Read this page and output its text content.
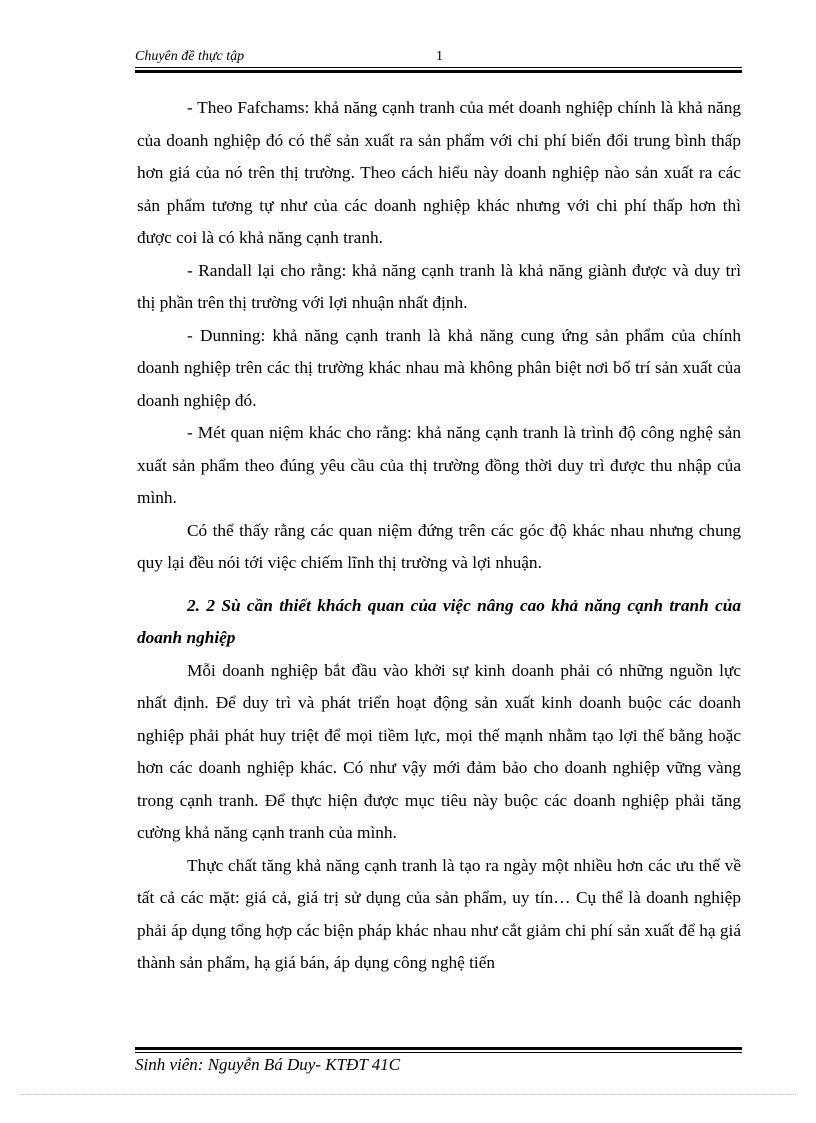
Chuyên đề thực tập	1

- Theo Fafchams: khả năng cạnh tranh của mét doanh nghiệp chính là khả năng của doanh nghiệp đó có thể sản xuất ra sản phẩm với chi phí biến đổi trung bình thấp hơn giá của nó trên thị trường. Theo cách hiểu này doanh nghiệp nào sản xuất ra các sản phẩm tương tự như của các doanh nghiệp khác nhưng với chi phí thấp hơn thì được coi là có khả năng cạnh tranh.

- Randall lại cho rằng: khả năng cạnh tranh là khả năng giành được và duy trì thị phần trên thị trường với lợi nhuận nhất định.

- Dunning: khả năng cạnh tranh là khả năng cung ứng sản phẩm của chính doanh nghiệp trên các thị trường khác nhau mà không phân biệt nơi bố trí sản xuất của doanh nghiệp đó.

- Mét quan niệm khác cho rằng: khả năng cạnh tranh là trình độ công nghệ sản xuất sản phẩm theo đúng yêu cầu của thị trường đồng thời duy trì được thu nhập của mình.

Có thể thấy rằng các quan niệm đứng trên các góc độ khác nhau nhưng chung quy lại đều nói tới việc chiếm lĩnh thị trường và lợi nhuận.

2. 2 Sù cần thiết khách quan của việc nâng cao khả năng cạnh tranh của doanh nghiệp

Mỗi doanh nghiệp bắt đầu vào khởi sự kinh doanh phải có những nguồn lực nhất định. Để duy trì và phát triển hoạt động sản xuất kinh doanh buộc các doanh nghiệp phải phát huy triệt để mọi tiềm lực, mọi thế mạnh nhằm tạo lợi thế bằng hoặc hơn các doanh nghiệp khác. Có như vậy mới đảm bảo cho doanh nghiệp vững vàng trong cạnh tranh. Để thực hiện được mục tiêu này buộc các doanh nghiệp phải tăng cường khả năng cạnh tranh của mình.

Thực chất tăng khả năng cạnh tranh là tạo ra ngày một nhiều hơn các ưu thế về tất cả các mặt: giá cả, giá trị sử dụng của sản phẩm, uy tín… Cụ thể là doanh nghiệp phải áp dụng tổng hợp các biện pháp khác nhau như cắt giảm chi phí sản xuất để hạ giá thành sản phẩm, hạ giá bán, áp dụng công nghệ tiến

Sinh viên: Nguyễn Bá Duy- KTĐT 41C
